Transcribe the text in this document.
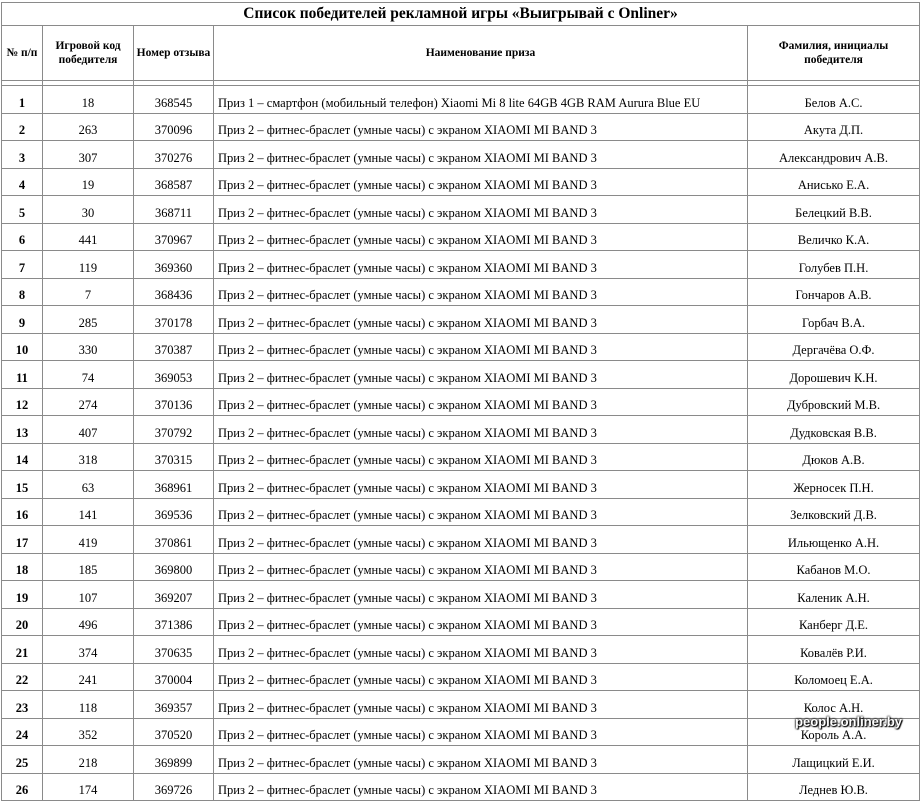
Список победителей рекламной игры «Выигрывай с Onliner»				
№ п/п	Игровой код победителя	Номер отзыва	Наименование приза	Фамилия, инициалы победителя

1	18	368545	Приз 1 – смартфон (мобильный телефон) Xiaomi Mi 8 lite 64GB 4GB RAM Aurura Blue EU	Белов А.С.
2	263	370096	Приз 2 – фитнес-браслет (умные часы) с экраном XIAOMI MI BAND 3	Акута Д.П.
3	307	370276	Приз 2 – фитнес-браслет (умные часы) с экраном XIAOMI MI BAND 3	Александрович А.В.
4	19	368587	Приз 2 – фитнес-браслет (умные часы) с экраном XIAOMI MI BAND 3	Анисько Е.А.
5	30	368711	Приз 2 – фитнес-браслет (умные часы) с экраном XIAOMI MI BAND 3	Белецкий В.В.
6	441	370967	Приз 2 – фитнес-браслет (умные часы) с экраном XIAOMI MI BAND 3	Величко К.А.
7	119	369360	Приз 2 – фитнес-браслет (умные часы) с экраном XIAOMI MI BAND 3	Голубев П.Н.
8	7	368436	Приз 2 – фитнес-браслет (умные часы) с экраном XIAOMI MI BAND 3	Гончаров А.В.
9	285	370178	Приз 2 – фитнес-браслет (умные часы) с экраном XIAOMI MI BAND 3	Горбач В.А.
10	330	370387	Приз 2 – фитнес-браслет (умные часы) с экраном XIAOMI MI BAND 3	Дергачёва О.Ф.
11	74	369053	Приз 2 – фитнес-браслет (умные часы) с экраном XIAOMI MI BAND 3	Дорошевич К.Н.
12	274	370136	Приз 2 – фитнес-браслет (умные часы) с экраном XIAOMI MI BAND 3	Дубровский М.В.
13	407	370792	Приз 2 – фитнес-браслет (умные часы) с экраном XIAOMI MI BAND 3	Дудковская В.В.
14	318	370315	Приз 2 – фитнес-браслет (умные часы) с экраном XIAOMI MI BAND 3	Дюков А.В.
15	63	368961	Приз 2 – фитнес-браслет (умные часы) с экраном XIAOMI MI BAND 3	Жерносек П.Н.
16	141	369536	Приз 2 – фитнес-браслет (умные часы) с экраном XIAOMI MI BAND 3	Зелковский Д.В.
17	419	370861	Приз 2 – фитнес-браслет (умные часы) с экраном XIAOMI MI BAND 3	Ильющенко А.Н.
18	185	369800	Приз 2 – фитнес-браслет (умные часы) с экраном XIAOMI MI BAND 3	Кабанов М.О.
19	107	369207	Приз 2 – фитнес-браслет (умные часы) с экраном XIAOMI MI BAND 3	Каленик А.Н.
20	496	371386	Приз 2 – фитнес-браслет (умные часы) с экраном XIAOMI MI BAND 3	Канберг Д.Е.
21	374	370635	Приз 2 – фитнес-браслет (умные часы) с экраном XIAOMI MI BAND 3	Ковалёв Р.И.
22	241	370004	Приз 2 – фитнес-браслет (умные часы) с экраном XIAOMI MI BAND 3	Коломоец Е.А.
23	118	369357	Приз 2 – фитнес-браслет (умные часы) с экраном XIAOMI MI BAND 3	Колос А.Н.
24	352	370520	Приз 2 – фитнес-браслет (умные часы) с экраном XIAOMI MI BAND 3	Король А.А.
25	218	369899	Приз 2 – фитнес-браслет (умные часы) с экраном XIAOMI MI BAND 3	Лащицкий Е.И.
26	174	369726	Приз 2 – фитнес-браслет (умные часы) с экраном XIAOMI MI BAND 3	Леднев Ю.В.
people.onliner.by
